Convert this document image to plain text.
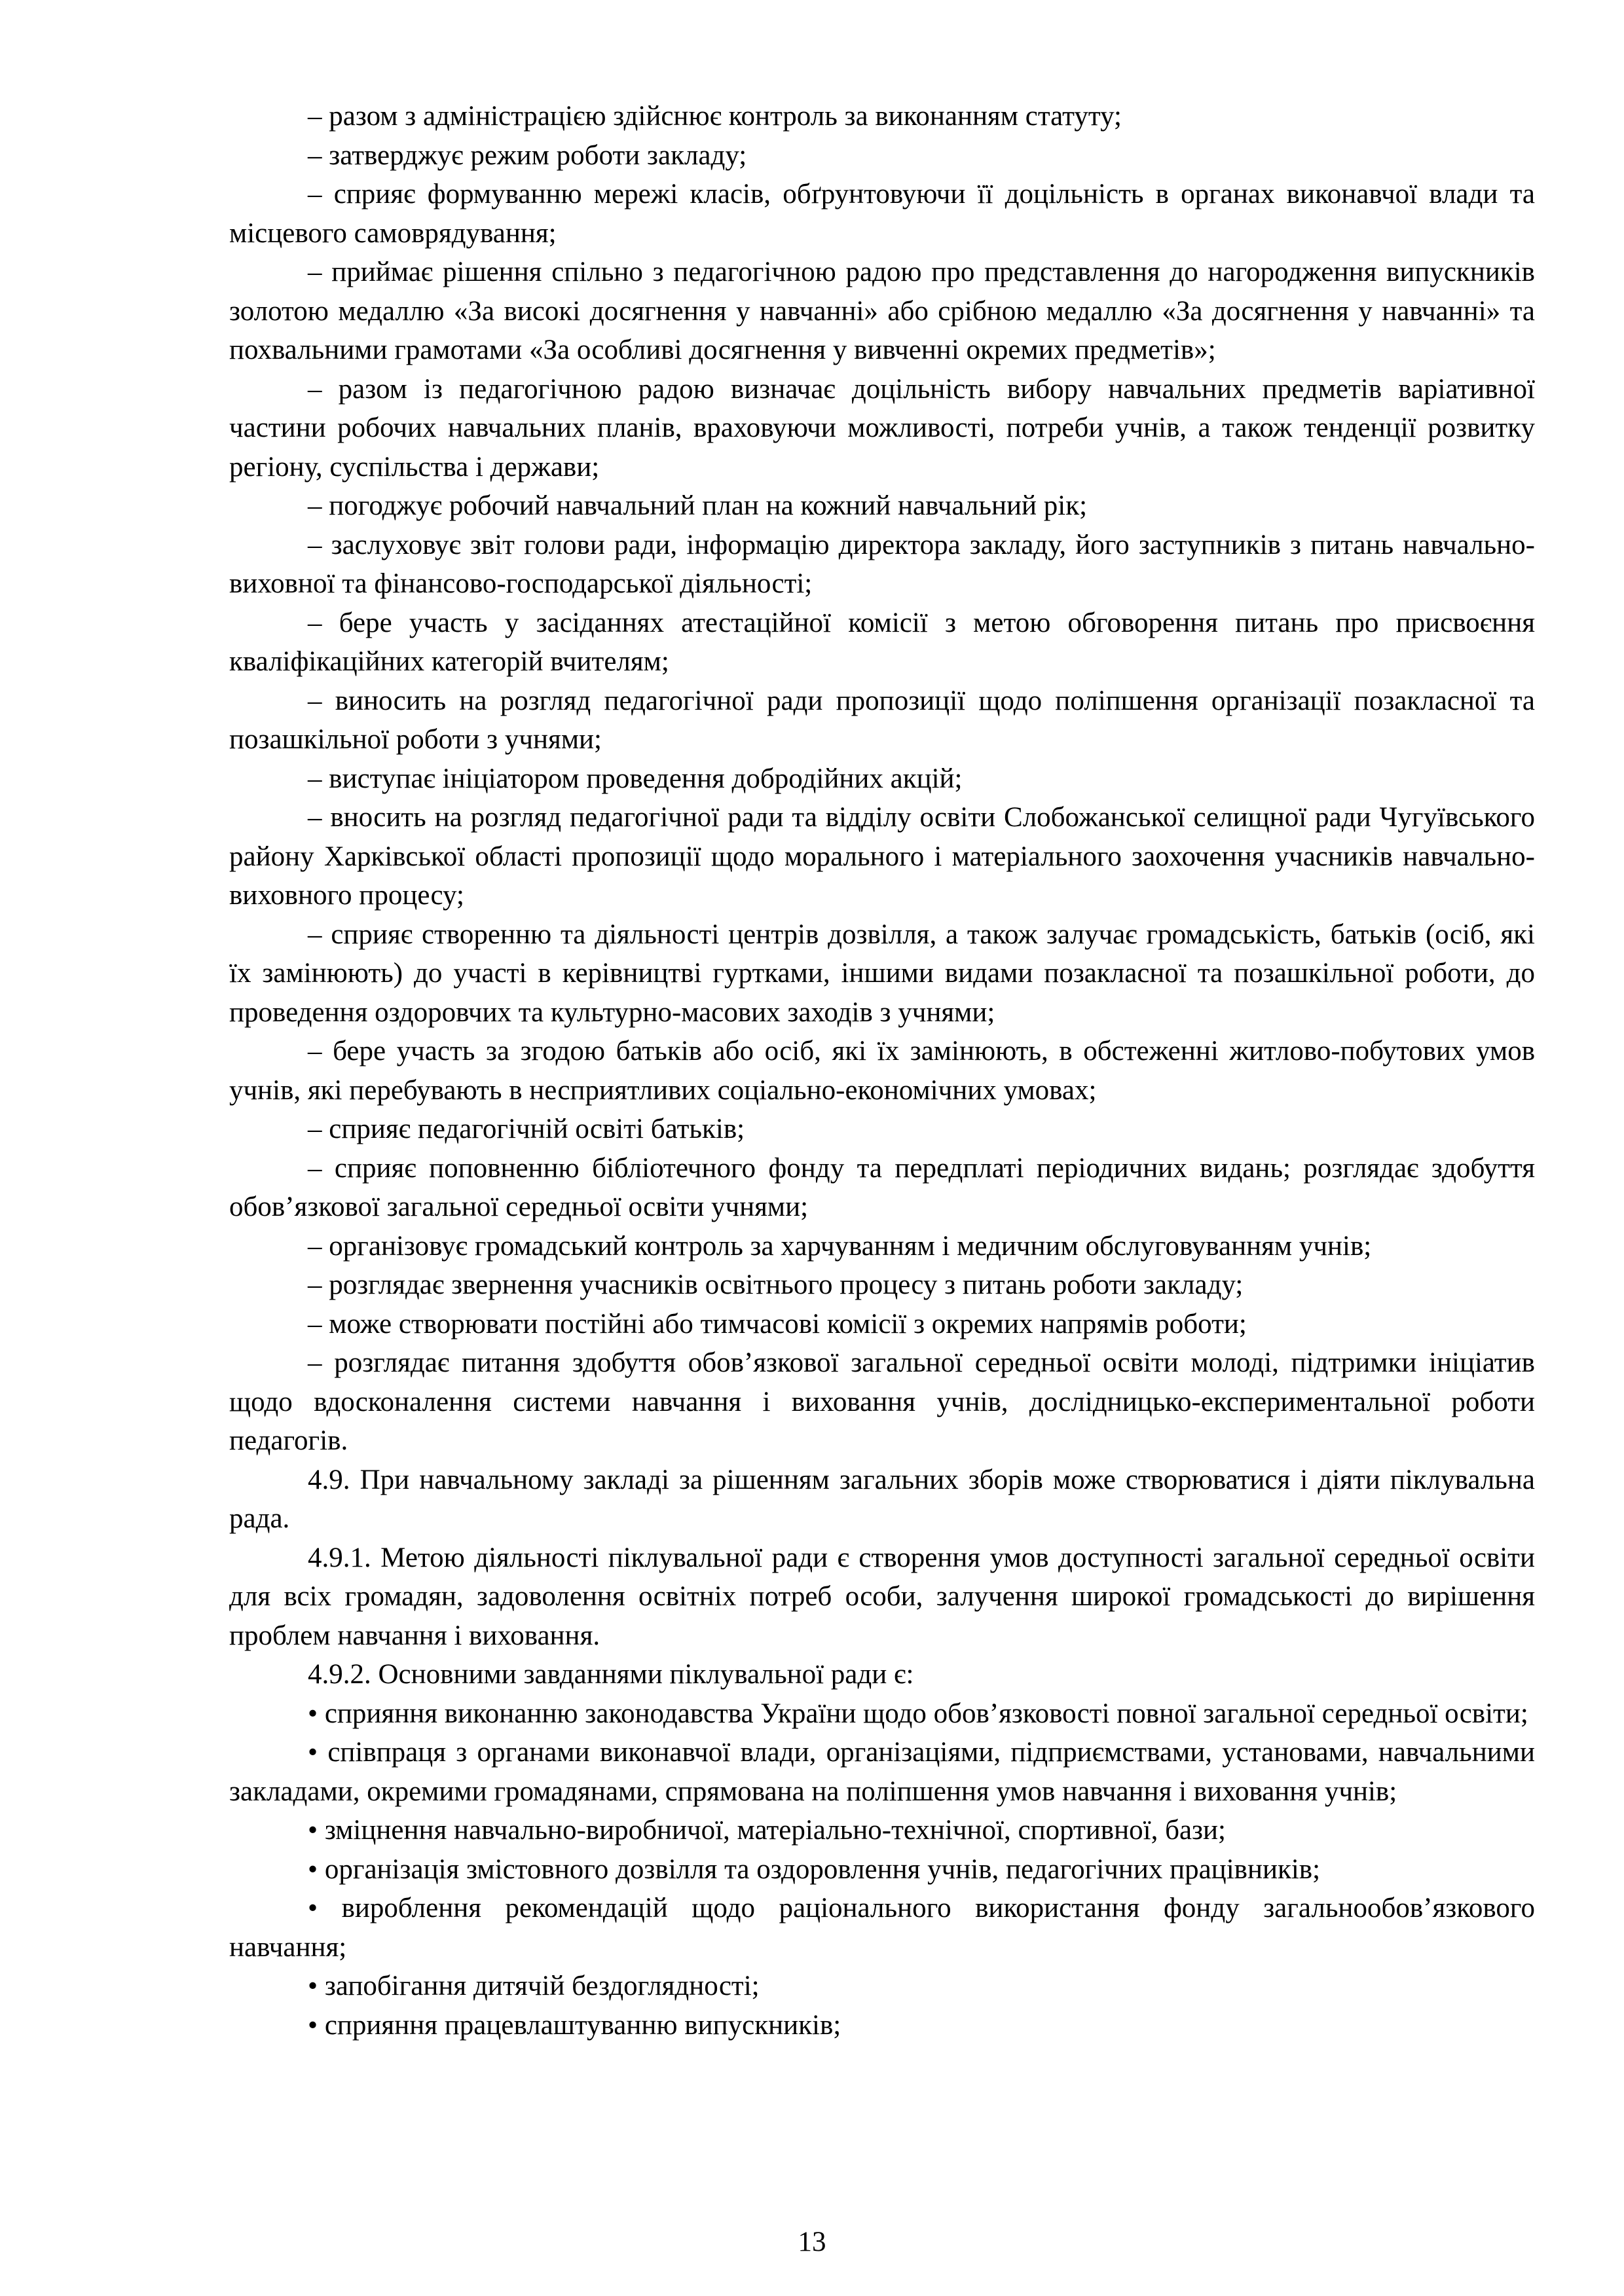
– разом з адміністрацією здійснює контроль за виконанням статуту;

– затверджує режим роботи закладу;

– сприяє формуванню мережі класів, обґрунтовуючи її доцільність в органах виконавчої влади та місцевого самоврядування;

– приймає рішення спільно з педагогічною радою про представлення до нагородження випускників золотою медаллю «За високі досягнення у навчанні» або срібною медаллю «За досягнення у навчанні» та похвальними грамотами «За особливі досягнення у вивченні окремих предметів»;

– разом із педагогічною радою визначає доцільність вибору навчальних предметів варіативної частини робочих навчальних планів, враховуючи можливості, потреби учнів, а також тенденції розвитку регіону, суспільства і держави;

– погоджує робочий навчальний план на кожний навчальний рік;

– заслуховує звіт голови ради, інформацію директора закладу, його заступників з питань навчально-виховної та фінансово-господарської діяльності;

– бере участь у засіданнях атестаційної комісії з метою обговорення питань про присвоєння кваліфікаційних категорій вчителям;

– виносить на розгляд педагогічної ради пропозиції щодо поліпшення організації позакласної та позашкільної роботи з учнями;

– виступає ініціатором проведення добродійних акцій;

– вносить на розгляд педагогічної ради та відділу освіти Слобожанської селищної ради Чугуївського району Харківської області пропозиції щодо морального і матеріального заохочення учасників навчально-виховного процесу;

– сприяє створенню та діяльності центрів дозвілля, а також залучає громадськість, батьків (осіб, які їх замінюють) до участі в керівництві гуртками, іншими видами позакласної та позашкільної роботи, до проведення оздоровчих та культурно-масових заходів з учнями;

– бере участь за згодою батьків або осіб, які їх замінюють, в обстеженні житлово-побутових умов учнів, які перебувають в несприятливих соціально-економічних умовах;

– сприяє педагогічній освіті батьків;

– сприяє поповненню бібліотечного фонду та передплаті періодичних видань; розглядає здобуття обов’язкової загальної середньої освіти учнями;

– організовує громадський контроль за харчуванням і медичним обслуговуванням учнів;

– розглядає звернення учасників освітнього процесу з питань роботи закладу;

– може створювати постійні або тимчасові комісії з окремих напрямів роботи;

– розглядає питання здобуття обов’язкової загальної середньої освіти молоді, підтримки ініціатив щодо вдосконалення системи навчання і виховання учнів, дослідницько-експериментальної роботи педагогів.

4.9. При навчальному закладі за рішенням загальних зборів може створюватися і діяти піклувальна рада.

4.9.1. Метою діяльності піклувальної ради є створення умов доступності загальної середньої освіти для всіх громадян, задоволення освітніх потреб особи, залучення широкої громадськості до вирішення проблем навчання і виховання.

4.9.2. Основними завданнями піклувальної ради є:

• сприяння виконанню законодавства України щодо обов’язковості повної загальної середньої освіти;

• співпраця з органами виконавчої влади, організаціями, підприємствами, установами, навчальними закладами, окремими громадянами, спрямована на поліпшення умов навчання і виховання учнів;

• зміцнення навчально-виробничої, матеріально-технічної, спортивної, бази;

• організація змістовного дозвілля та оздоровлення учнів, педагогічних працівників;

• вироблення рекомендацій щодо раціонального використання фонду загальнообов’язкового навчання;

• запобігання дитячій бездоглядності;

• сприяння працевлаштуванню випускників;

13
